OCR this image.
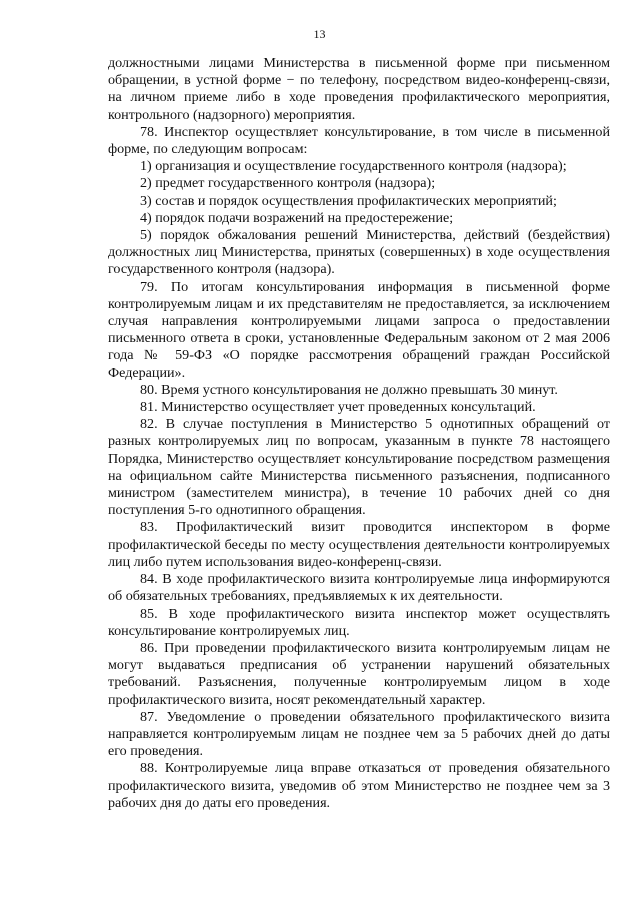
13

должностными лицами Министерства в письменной форме при письменном обращении, в устной форме − по телефону, посредством видео-конференц-связи, на личном приеме либо в ходе проведения профилактического мероприятия, контрольного (надзорного) мероприятия.

78. Инспектор осуществляет консультирование, в том числе в письменной форме, по следующим вопросам:

1) организация и осуществление государственного контроля (надзора);

2) предмет государственного контроля (надзора);

3) состав и порядок осуществления профилактических мероприятий;

4) порядок подачи возражений на предостережение;

5) порядок обжалования решений Министерства, действий (бездействия) должностных лиц Министерства, принятых (совершенных) в ходе осуществления государственного контроля (надзора).

79. По итогам консультирования информация в письменной форме контролируемым лицам и их представителям не предоставляется, за исключением случая направления контролируемыми лицами запроса о предоставлении письменного ответа в сроки, установленные Федеральным законом от 2 мая 2006 года № 59-ФЗ «О порядке рассмотрения обращений граждан Российской Федерации».

80. Время устного консультирования не должно превышать 30 минут.

81. Министерство осуществляет учет проведенных консультаций.

82. В случае поступления в Министерство 5 однотипных обращений от разных контролируемых лиц по вопросам, указанным в пункте 78 настоящего Порядка, Министерство осуществляет консультирование посредством размещения на официальном сайте Министерства письменного разъяснения, подписанного министром (заместителем министра), в течение 10 рабочих дней со дня поступления 5-го однотипного обращения.

83. Профилактический визит проводится инспектором в форме профилактической беседы по месту осуществления деятельности контролируемых лиц либо путем использования видео-конференц-связи.

84. В ходе профилактического визита контролируемые лица информируются об обязательных требованиях, предъявляемых к их деятельности.

85. В ходе профилактического визита инспектор может осуществлять консультирование контролируемых лиц.

86. При проведении профилактического визита контролируемым лицам не могут выдаваться предписания об устранении нарушений обязательных требований. Разъяснения, полученные контролируемым лицом в ходе профилактического визита, носят рекомендательный характер.

87. Уведомление о проведении обязательного профилактического визита направляется контролируемым лицам не позднее чем за 5 рабочих дней до даты его проведения.

88. Контролируемые лица вправе отказаться от проведения обязательного профилактического визита, уведомив об этом Министерство не позднее чем за 3 рабочих дня до даты его проведения.
